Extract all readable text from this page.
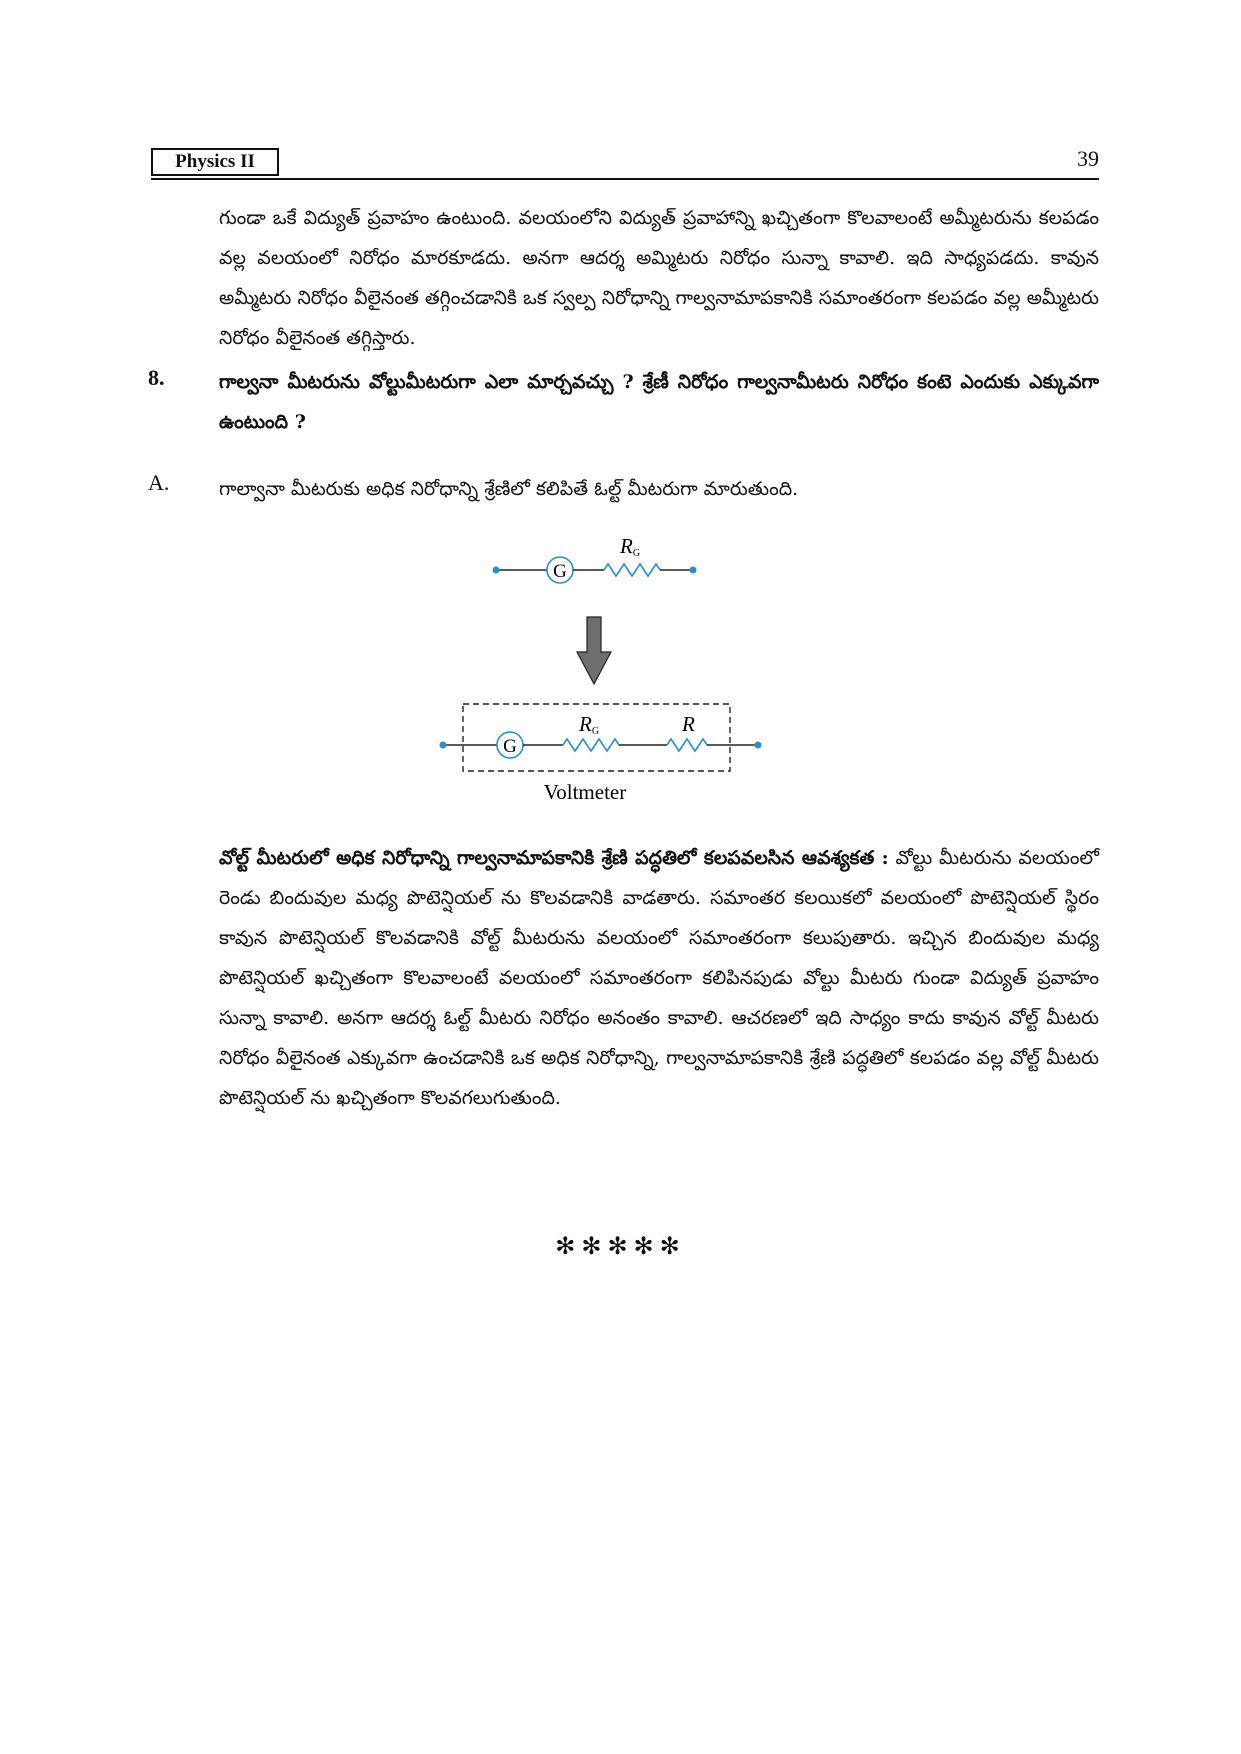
Physics II	39
గుండా ఒకే విద్యుత్ ప్రవాహం ఉంటుంది. వలయంలోని విద్యుత్ ప్రవాహాన్ని ఖచ్చితంగా కొలవాలంటే అమ్మీటరును కలపడం వల్ల వలయంలో నిరోధం మారకూడదు. అనగా ఆదర్శ అమ్మిటరు నిరోధం సున్నా కావాలి. ఇది సాధ్యపడదు. కావున అమ్మీటరు నిరోధం వీలైనంత తగ్గించడానికి ఒక స్వల్ప నిరోధాన్ని గాల్వనామాపకానికి సమాంతరంగా కలపడం వల్ల అమ్మీటరు నిరోధం వీలైనంత తగ్గిస్తారు.
8.	గాల్వనా మీటరును వోల్టుమీటరుగా ఎలా మార్చవచ్చు ? శ్రేణీ నిరోధం గాల్వనామీటరు నిరోధం కంటె ఎందుకు ఎక్కువగా ఉంటుంది ?
A.	గాల్వానా మీటరుకు అధిక నిరోధాన్ని శ్రేణిలో కలిపితే ఓల్ట్ మీటరుగా మారుతుంది.
G
RG
G
RG	R
Voltmeter
వోల్ట్ మీటరులో అధిక నిరోధాన్ని గాల్వనామాపకానికి శ్రేణి పద్ధతిలో కలపవలసిన ఆవశ్యకత : వోల్టు మీటరును వలయంలో రెండు బిందువుల మధ్య పొటెన్షియల్ ను కొలవడానికి వాడతారు. సమాంతర కలయికలో వలయంలో పొటెన్షియల్ స్థిరం కావున పొటెన్షియల్ కొలవడానికి వోల్ట్ మీటరును వలయంలో సమాంతరంగా కలుపుతారు. ఇచ్చిన బిందువుల మధ్య పొటెన్షియల్ ఖచ్చితంగా కొలవాలంటే వలయంలో సమాంతరంగా కలిపినపుడు వోల్టు మీటరు గుండా విద్యుత్ ప్రవాహం సున్నా కావాలి. అనగా ఆదర్శ ఓల్ట్ మీటరు నిరోధం అనంతం కావాలి. ఆచరణలో ఇది సాధ్యం కాదు కావున వోల్ట్ మీటరు నిరోధం వీలైనంత ఎక్కువగా ఉంచడానికి ఒక అధిక నిరోధాన్ని, గాల్వనామాపకానికి శ్రేణి పద్ధతిలో కలపడం వల్ల వోల్ట్ మీటరు పొటెన్షియల్ ను ఖచ్చితంగా కొలవగలుగుతుంది.
✻✻✻✻✻
